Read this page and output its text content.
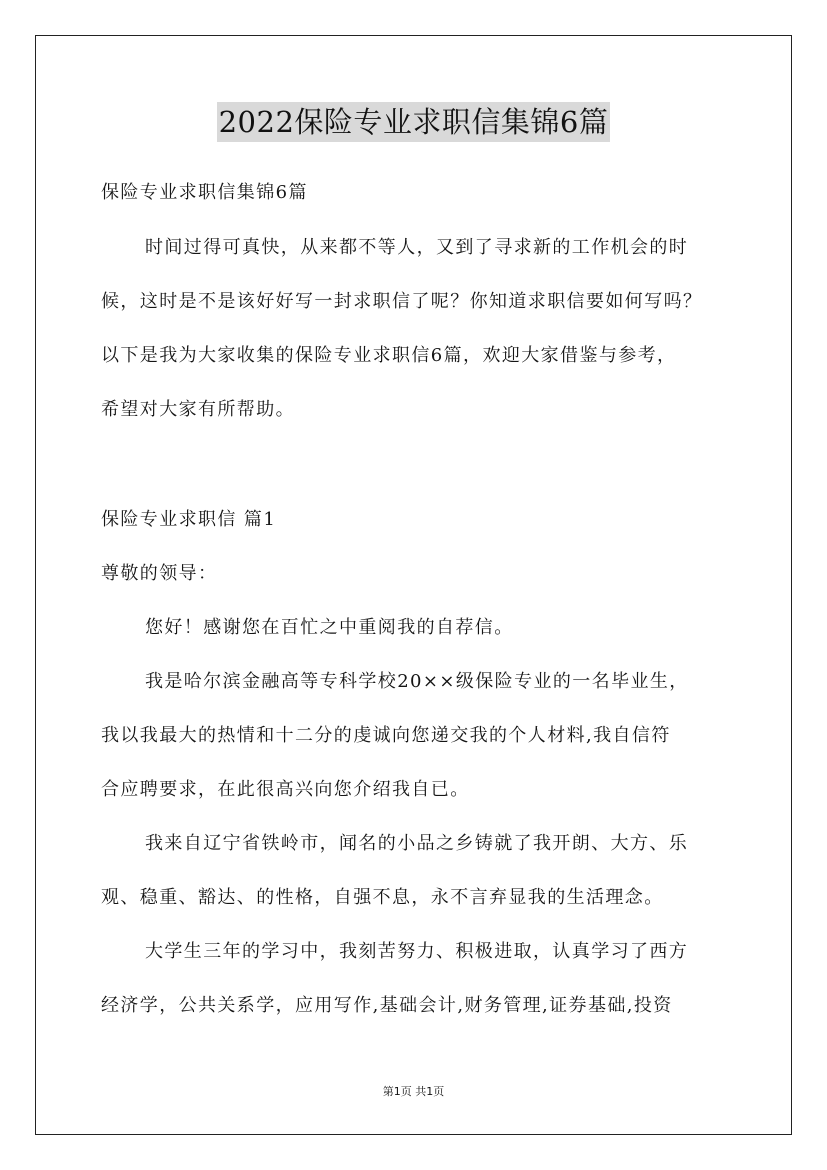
2022保险专业求职信集锦6篇
保险专业求职信集锦6篇
时间过得可真快，从来都不等人，又到了寻求新的工作机会的时
候，这时是不是该好好写一封求职信了呢？你知道求职信要如何写吗？
以下是我为大家收集的保险专业求职信6篇，欢迎大家借鉴与参考，
希望对大家有所帮助。
保险专业求职信 篇1
尊敬的领导：
您好！感谢您在百忙之中重阅我的自荐信。
我是哈尔滨金融高等专科学校20××级保险专业的一名毕业生，
我以我最大的热情和十二分的虔诚向您递交我的个人材料,我自信符
合应聘要求，在此很高兴向您介绍我自已。
我来自辽宁省铁岭市，闻名的小品之乡铸就了我开朗、大方、乐
观、稳重、豁达、的性格，自强不息，永不言弃显我的生活理念。
大学生三年的学习中，我刻苦努力、积极进取，认真学习了西方
经济学，公共关系学，应用写作,基础会计,财务管理,证券基础,投资
第1页 共1页
